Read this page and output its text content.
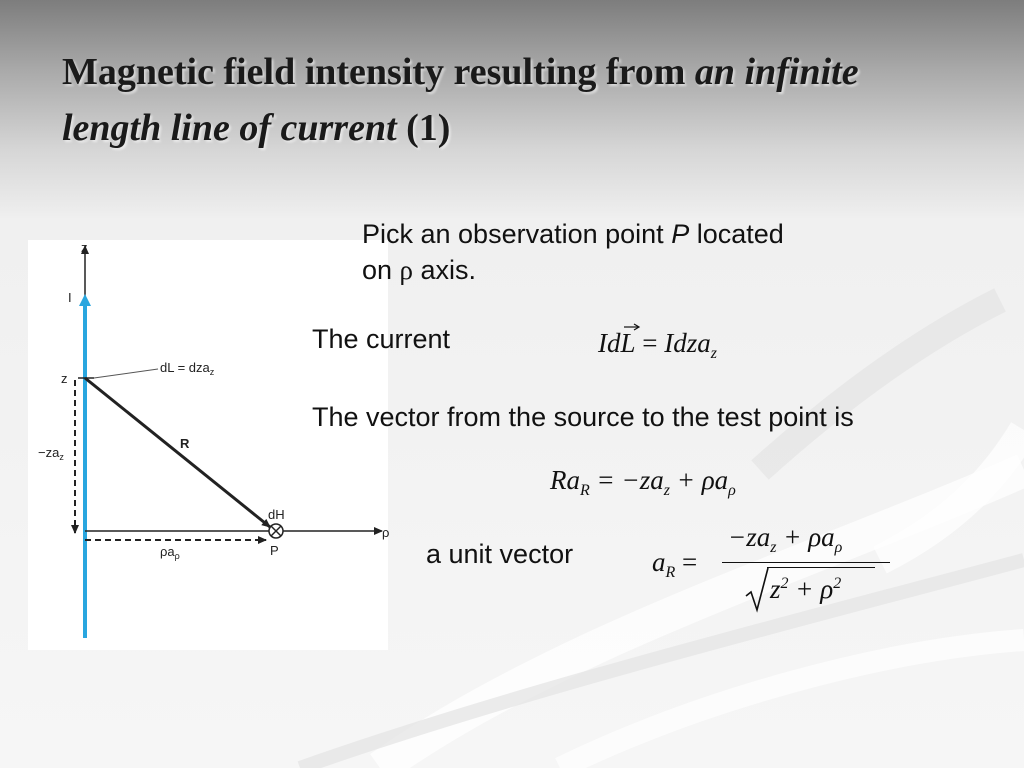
Magnetic field intensity resulting from an infinite length line of current (1)
z
I
z
dL = dza$_z$
$-za_z$
R
dH
ρ
$\rho a_\rho$	P
Pick an observation point P located
on ρ axis.
The current
The vector from the source to the test point is
a unit vector
IdL = Idza$_z$
$Ra_R = -za_z + \rho a_\rho$
$a_R$ =
$-za_z + \rho a_\rho$
$z^2 + \rho^2$
